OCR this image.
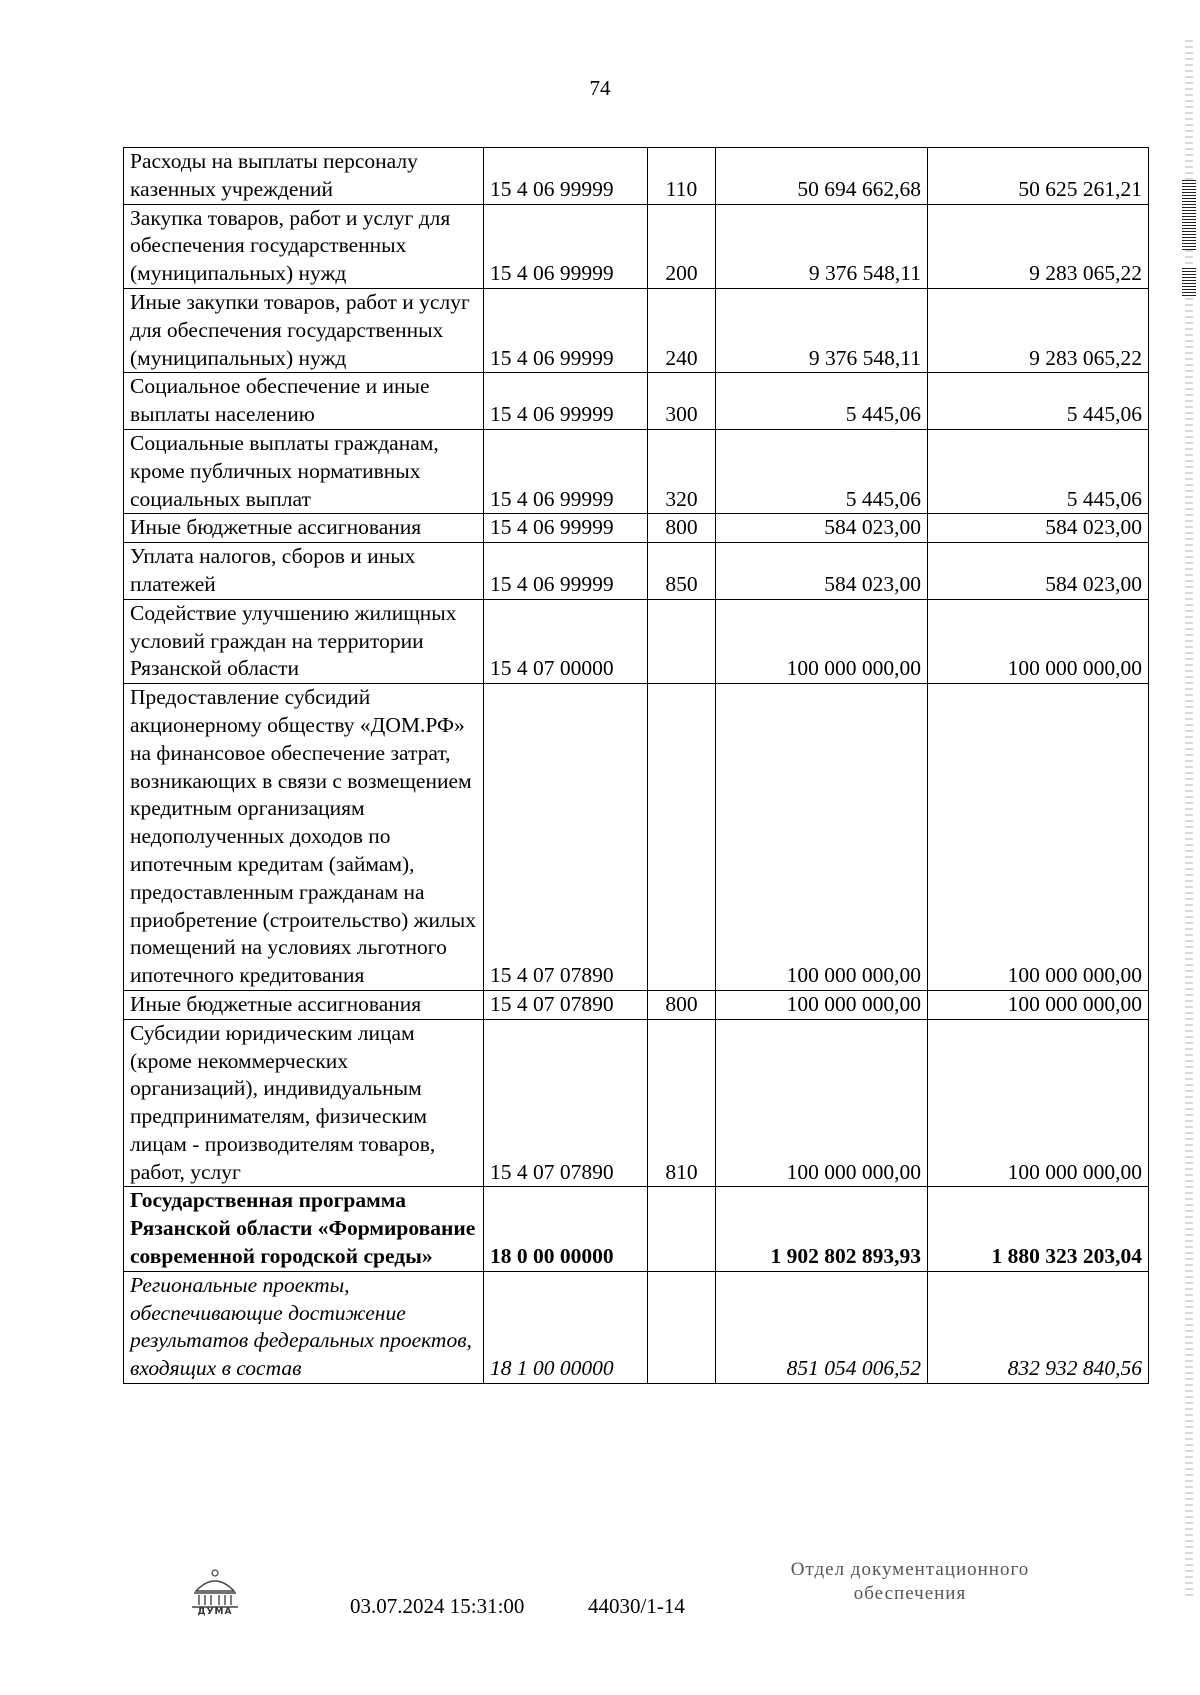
74
Расходы на выплаты персоналу казенных учреждений	15 4 06 99999	110	50 694 662,68	50 625 261,21
Закупка товаров, работ и услуг для обеспечения государственных (муниципальных) нужд	15 4 06 99999	200	9 376 548,11	9 283 065,22
Иные закупки товаров, работ и услуг для обеспечения государственных (муниципальных) нужд	15 4 06 99999	240	9 376 548,11	9 283 065,22
Социальное обеспечение и иные выплаты населению	15 4 06 99999	300	5 445,06	5 445,06
Социальные выплаты гражданам, кроме публичных нормативных социальных выплат	15 4 06 99999	320	5 445,06	5 445,06
Иные бюджетные ассигнования	15 4 06 99999	800	584 023,00	584 023,00
Уплата налогов, сборов и иных платежей	15 4 06 99999	850	584 023,00	584 023,00
Содействие улучшению жилищных условий граждан на территории Рязанской области	15 4 07 00000		100 000 000,00	100 000 000,00
Предоставление субсидий акционерному обществу «ДОМ.РФ» на финансовое обеспечение затрат, возникающих в связи с возмещением кредитным организациям недополученных доходов по ипотечным кредитам (займам), предоставленным гражданам на приобретение (строительство) жилых помещений на условиях льготного ипотечного кредитования	15 4 07 07890		100 000 000,00	100 000 000,00
Иные бюджетные ассигнования	15 4 07 07890	800	100 000 000,00	100 000 000,00
Субсидии юридическим лицам (кроме некоммерческих организаций), индивидуальным предпринимателям, физическим лицам - производителям товаров, работ, услуг	15 4 07 07890	810	100 000 000,00	100 000 000,00
Государственная программа Рязанской области «Формирование современной городской среды»	18 0 00 00000		1 902 802 893,93	1 880 323 203,04
Региональные проекты, обеспечивающие достижение результатов федеральных проектов, входящих в состав	18 1 00 00000		851 054 006,52	832 932 840,56
ДУМА	03.07.2024 15:31:00	44030/1-14
Отдел документационного обеспечения
